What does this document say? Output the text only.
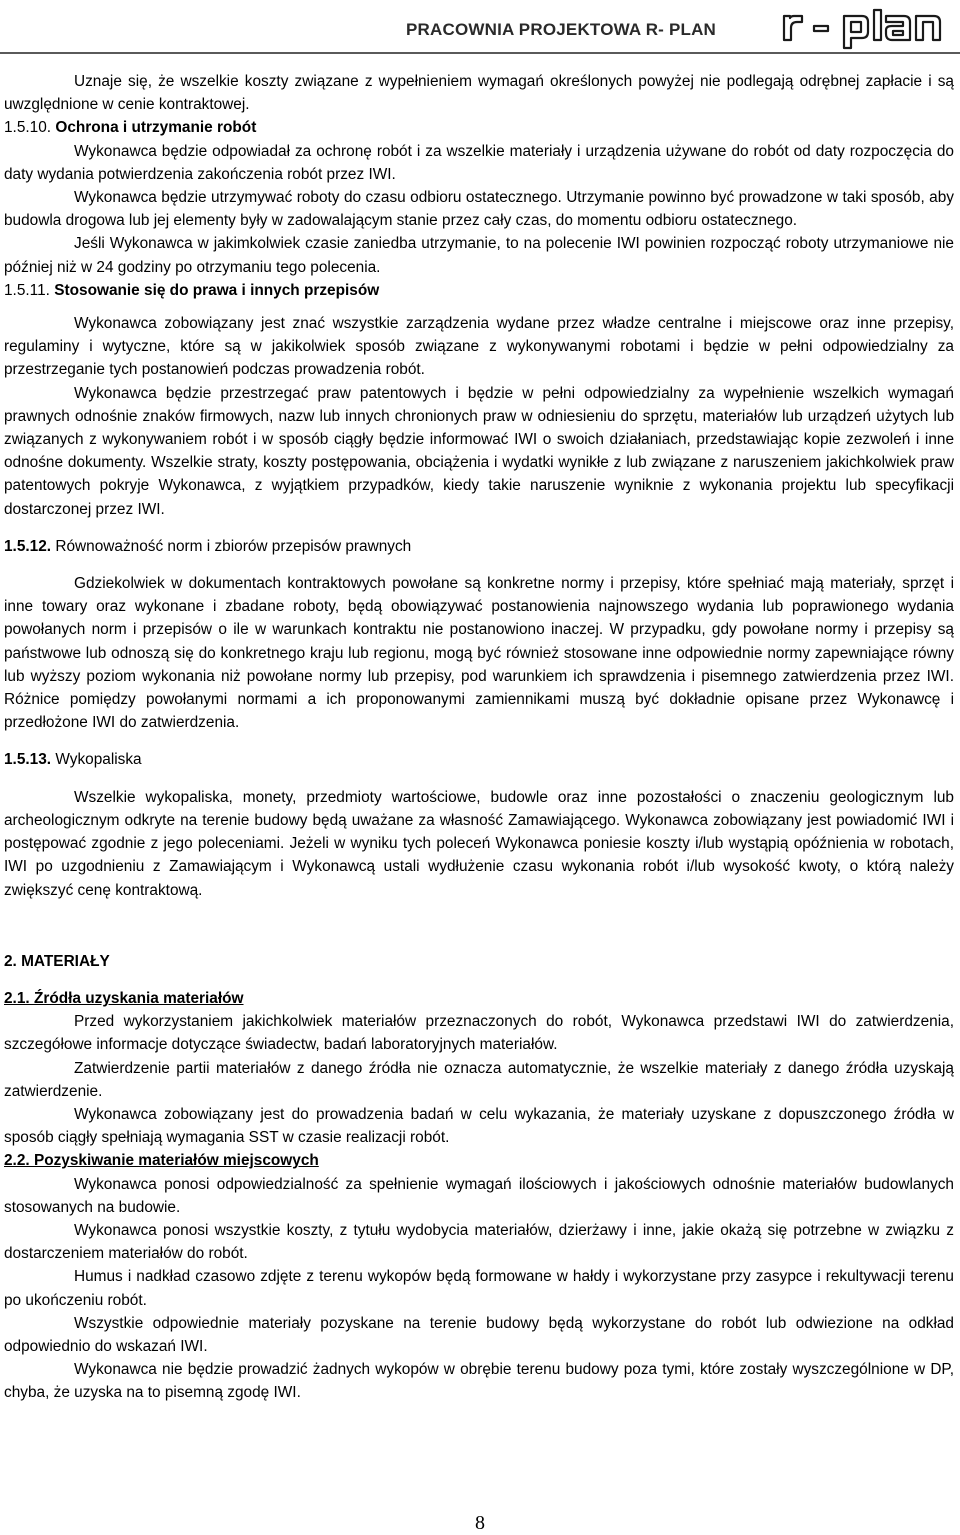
PRACOWNIA PROJEKTOWA R- PLAN

Uznaje się, że wszelkie koszty związane z wypełnieniem wymagań określonych powyżej nie podlegają odrębnej zapłacie i są uwzględnione w cenie kontraktowej.

1.5.10. Ochrona i utrzymanie robót

Wykonawca będzie odpowiadał za ochronę robót i za wszelkie materiały i urządzenia używane do robót od daty rozpoczęcia do daty wydania potwierdzenia zakończenia robót przez IWI.

Wykonawca będzie utrzymywać roboty do czasu odbioru ostatecznego. Utrzymanie powinno być prowadzone w taki sposób, aby budowla drogowa lub jej elementy były w zadowalającym stanie przez cały czas, do momentu odbioru ostatecznego.

Jeśli Wykonawca w jakimkolwiek czasie zaniedba utrzymanie, to na polecenie IWI powinien rozpocząć roboty utrzymaniowe nie później niż w 24 godziny po otrzymaniu tego polecenia.

1.5.11. Stosowanie się do prawa i innych przepisów

Wykonawca zobowiązany jest znać wszystkie zarządzenia wydane przez władze centralne i miejscowe oraz inne przepisy, regulaminy i wytyczne, które są w jakikolwiek sposób związane z wykonywanymi robotami i będzie w pełni odpowiedzialny za przestrzeganie tych postanowień podczas prowadzenia robót.

Wykonawca będzie przestrzegać praw patentowych i będzie w pełni odpowiedzialny za wypełnienie wszelkich wymagań prawnych odnośnie znaków firmowych, nazw lub innych chronionych praw w odniesieniu do sprzętu, materiałów lub urządzeń użytych lub związanych z wykonywaniem robót i w sposób ciągły będzie informować IWI o swoich działaniach, przedstawiając kopie zezwoleń i inne odnośne dokumenty. Wszelkie straty, koszty postępowania, obciążenia i wydatki wynikłe z lub związane z naruszeniem jakichkolwiek praw patentowych pokryje Wykonawca, z wyjątkiem przypadków, kiedy takie naruszenie wyniknie z wykonania projektu lub specyfikacji dostarczonej przez IWI.

1.5.12. Równoważność norm i zbiorów przepisów prawnych

Gdziekolwiek w dokumentach kontraktowych powołane są konkretne normy i przepisy, które spełniać mają materiały, sprzęt i inne towary oraz wykonane i zbadane roboty, będą obowiązywać postanowienia najnowszego wydania lub poprawionego wydania powołanych norm i przepisów o ile w warunkach kontraktu nie postanowiono inaczej. W przypadku, gdy powołane normy i przepisy są państwowe lub odnoszą się do konkretnego kraju lub regionu, mogą być również stosowane inne odpowiednie normy zapewniające równy lub wyższy poziom wykonania niż powołane normy lub przepisy, pod warunkiem ich sprawdzenia i pisemnego zatwierdzenia przez IWI. Różnice pomiędzy powołanymi normami a ich proponowanymi zamiennikami muszą być dokładnie opisane przez Wykonawcę i przedłożone IWI do zatwierdzenia.

1.5.13. Wykopaliska

Wszelkie wykopaliska, monety, przedmioty wartościowe, budowle oraz inne pozostałości o znaczeniu geologicznym lub archeologicznym odkryte na terenie budowy będą uważane za własność Zamawiającego. Wykonawca zobowiązany jest powiadomić IWI i postępować zgodnie z jego poleceniami. Jeżeli w wyniku tych poleceń Wykonawca poniesie koszty i/lub wystąpią opóźnienia w robotach, IWI po uzgodnieniu z Zamawiającym i Wykonawcą ustali wydłużenie czasu wykonania robót i/lub wysokość kwoty, o którą należy zwiększyć cenę kontraktową.

2. MATERIAŁY

2.1. Źródła uzyskania materiałów

Przed wykorzystaniem jakichkolwiek materiałów przeznaczonych do robót, Wykonawca przedstawi IWI do zatwierdzenia, szczegółowe informacje dotyczące świadectw, badań laboratoryjnych materiałów.

Zatwierdzenie partii materiałów z danego źródła nie oznacza automatycznie, że wszelkie materiały z danego źródła uzyskają zatwierdzenie.

Wykonawca zobowiązany jest do prowadzenia badań w celu wykazania, że materiały uzyskane z dopuszczonego źródła w sposób ciągły spełniają wymagania SST w czasie realizacji robót.

2.2. Pozyskiwanie materiałów miejscowych

Wykonawca ponosi odpowiedzialność za spełnienie wymagań ilościowych i jakościowych odnośnie materiałów budowlanych stosowanych na budowie.

Wykonawca ponosi wszystkie koszty, z tytułu wydobycia materiałów, dzierżawy i inne, jakie okażą się potrzebne w związku z dostarczeniem materiałów do robót.

Humus i nadkład czasowo zdjęte z terenu wykopów będą formowane w hałdy i wykorzystane przy zasypce i rekultywacji terenu po ukończeniu robót.

Wszystkie odpowiednie materiały pozyskane na terenie budowy będą wykorzystane do robót lub odwiezione na odkład odpowiednio do wskazań IWI.

Wykonawca nie będzie prowadzić żadnych wykopów w obrębie terenu budowy poza tymi, które zostały wyszczególnione w DP, chyba, że uzyska na to pisemną zgodę IWI.

8
